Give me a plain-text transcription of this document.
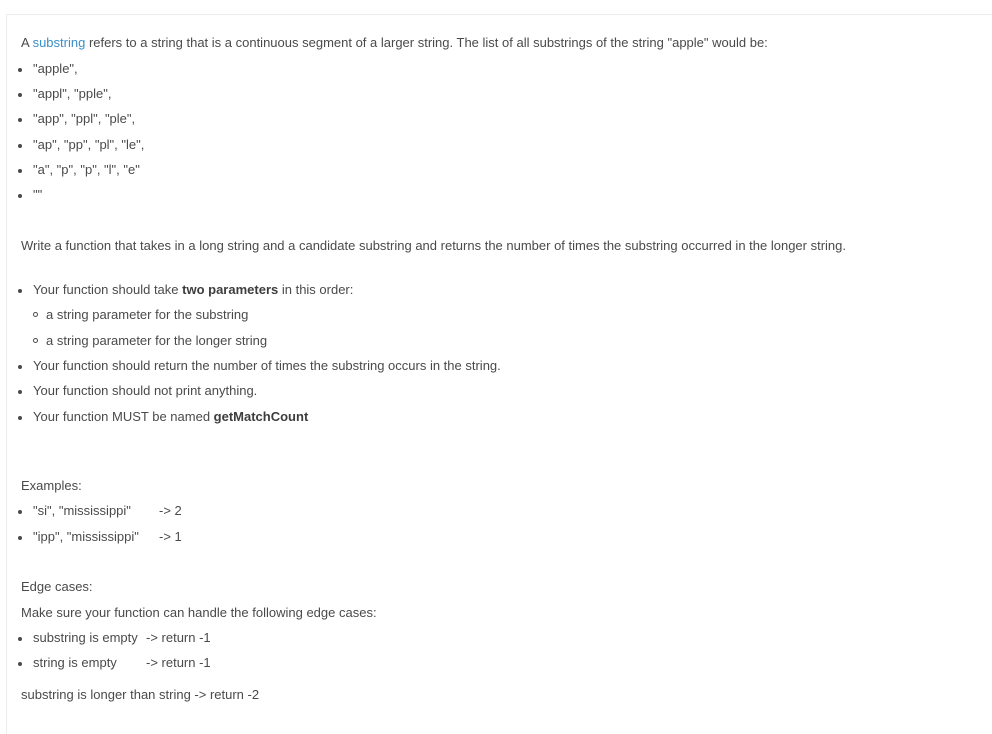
A substring refers to a string that is a continuous segment of a larger string. The list of all substrings of the string "apple" would be:
"apple",
"appl", "pple",
"app", "ppl", "ple",
"ap", "pp", "pl", "le",
"a", "p", "p", "l", "e"
""
Write a function that takes in a long string and a candidate substring and returns the number of times the substring occurred in the longer string.
Your function should take two parameters in this order:
a string parameter for the substring
a string parameter for the longer string
Your function should return the number of times the substring occurs in the string.
Your function should not print anything.
Your function MUST be named getMatchCount
Examples:
"si", "mississippi" -> 2
"ipp", "mississippi" -> 1
Edge cases:
Make sure your function can handle the following edge cases:
substring is empty -> return -1
string is empty -> return -1
substring is longer than string -> return -2
